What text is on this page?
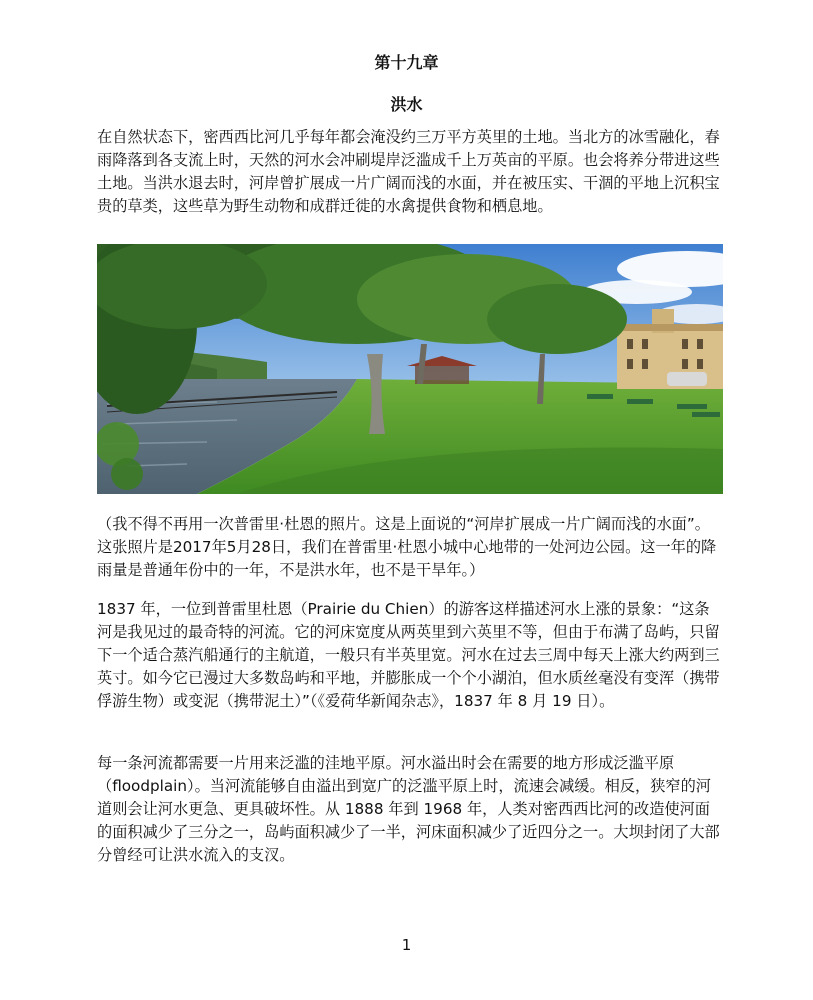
第十九章
洪水

在自然状态下，密西西比河几乎每年都会淹没约三万平方英里的土地。当北方的冰雪融化，春雨降落到各支流上时，天然的河水会冲刷堤岸泛滥成千上万英亩的平原。也会将养分带进这些土地。当洪水退去时，河岸曾扩展成一片广阔而浅的水面，并在被压实、干涸的平地上沉积宝贵的草类，这些草为野生动物和成群迁徙的水禽提供食物和栖息地。

（我不得不再用一次普雷里·杜恩的照片。这是上面说的“河岸扩展成一片广阔而浅的水面”。这张照片是2017年5月28日，我们在普雷里·杜恩小城中心地带的一处河边公园。这一年的降雨量是普通年份中的一年，不是洪水年，也不是干旱年。）

1837 年，一位到普雷里杜恩（Prairie du Chien）的游客这样描述河水上涨的景象：“这条河是我见过的最奇特的河流。它的河床宽度从两英里到六英里不等，但由于布满了岛屿，只留下一个适合蒸汽船通行的主航道，一般只有半英里宽。河水在过去三周中每天上涨大约两到三英寸。如今它已漫过大多数岛屿和平地，并膨胀成一个个小湖泊，但水质丝毫没有变浑（携带俘游生物）或变泥（携带泥土）”（《爱荷华新闻杂志》，1837 年 8 月 19 日）。

每一条河流都需要一片用来泛滥的洼地平原。河水溢出时会在需要的地方形成泛滥平原（floodplain）。当河流能够自由溢出到宽广的泛滥平原上时，流速会减缓。相反，狭窄的河道则会让河水更急、更具破坏性。从 1888 年到 1968 年，人类对密西西比河的改造使河面的面积减少了三分之一，岛屿面积减少了一半，河床面积减少了近四分之一。大坝封闭了大部分曾经可让洪水流入的支汊。

1
